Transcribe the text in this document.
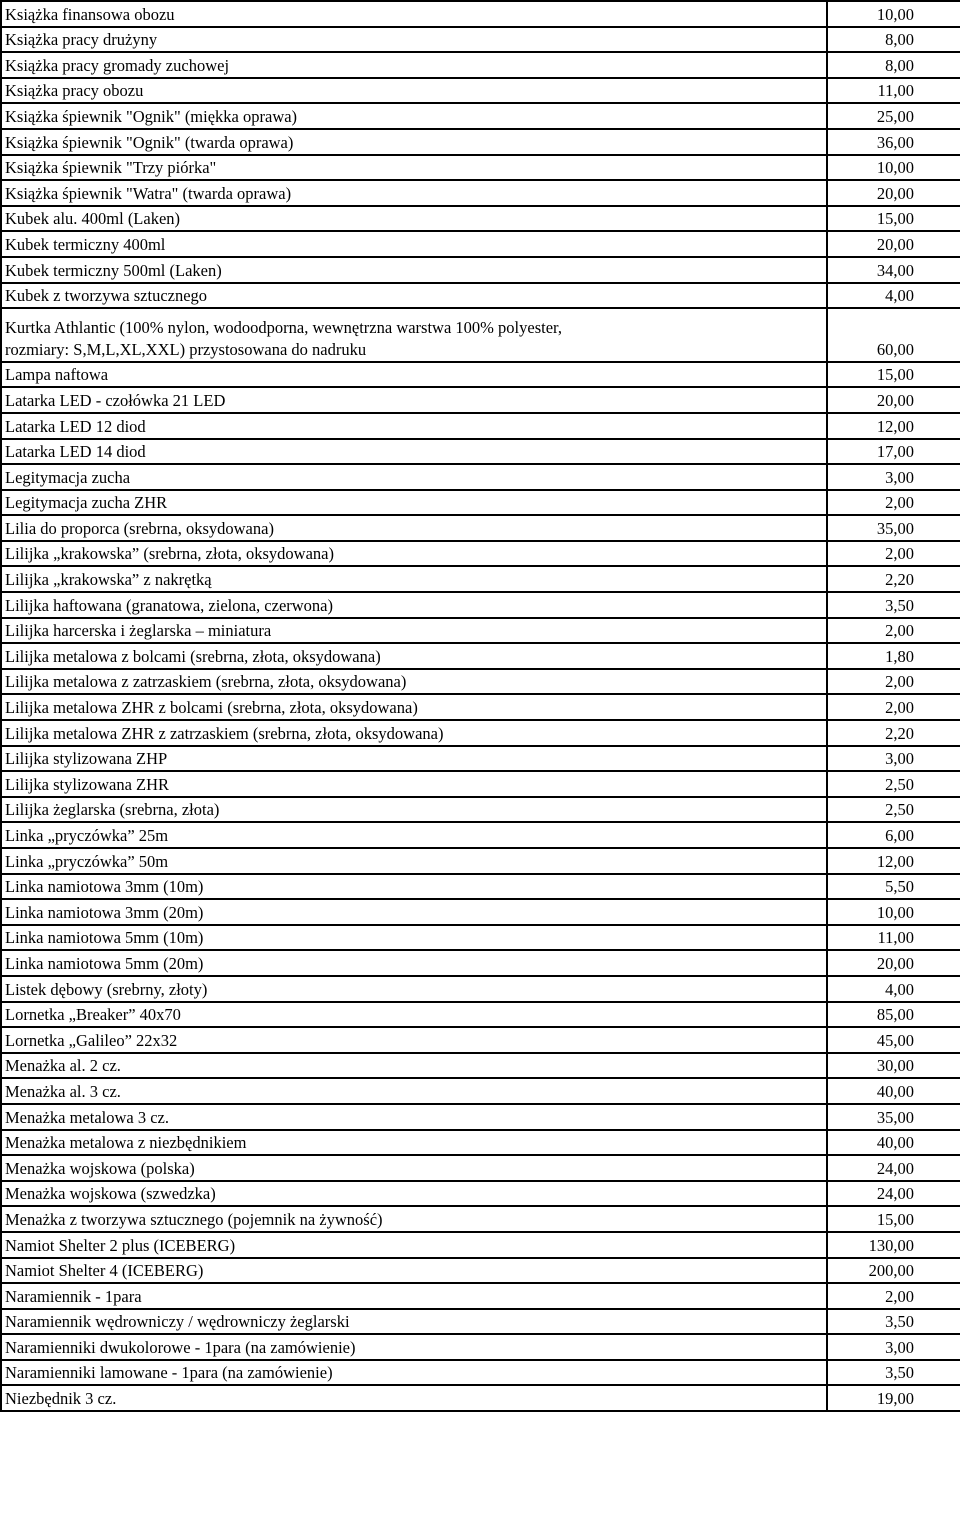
Książka finansowa obozu	10,00
Książka pracy drużyny	8,00
Książka pracy gromady zuchowej	8,00
Książka pracy obozu	11,00
Książka śpiewnik "Ognik" (miękka oprawa)	25,00
Książka śpiewnik "Ognik" (twarda oprawa)	36,00
Książka śpiewnik "Trzy piórka"	10,00
Książka śpiewnik "Watra" (twarda oprawa)	20,00
Kubek alu. 400ml (Laken)	15,00
Kubek termiczny 400ml	20,00
Kubek termiczny 500ml (Laken)	34,00
Kubek z tworzywa sztucznego	4,00
Kurtka Athlantic (100% nylon, wodoodporna, wewnętrzna warstwa 100% polyester,
rozmiary: S,M,L,XL,XXL) przystosowana do nadruku	60,00
Lampa naftowa	15,00
Latarka LED - czołówka 21 LED	20,00
Latarka LED 12 diod	12,00
Latarka LED 14 diod	17,00
Legitymacja zucha	3,00
Legitymacja zucha ZHR	2,00
Lilia do proporca (srebrna, oksydowana)	35,00
Lilijka „krakowska” (srebrna, złota, oksydowana)	2,00
Lilijka „krakowska” z nakrętką	2,20
Lilijka haftowana (granatowa, zielona, czerwona)	3,50
Lilijka harcerska i żeglarska – miniatura	2,00
Lilijka metalowa z bolcami (srebrna, złota, oksydowana)	1,80
Lilijka metalowa z zatrzaskiem (srebrna, złota, oksydowana)	2,00
Lilijka metalowa ZHR z bolcami (srebrna, złota, oksydowana)	2,00
Lilijka metalowa ZHR z zatrzaskiem (srebrna, złota, oksydowana)	2,20
Lilijka stylizowana ZHP	3,00
Lilijka stylizowana ZHR	2,50
Lilijka żeglarska (srebrna, złota)	2,50
Linka „pryczówka” 25m	6,00
Linka „pryczówka” 50m	12,00
Linka namiotowa 3mm (10m)	5,50
Linka namiotowa 3mm (20m)	10,00
Linka namiotowa 5mm (10m)	11,00
Linka namiotowa 5mm (20m)	20,00
Listek dębowy (srebrny, złoty)	4,00
Lornetka „Breaker” 40x70	85,00
Lornetka „Galileo” 22x32	45,00
Menażka al. 2 cz.	30,00
Menażka al. 3 cz.	40,00
Menażka metalowa 3 cz.	35,00
Menażka metalowa z niezbędnikiem	40,00
Menażka wojskowa (polska)	24,00
Menażka wojskowa (szwedzka)	24,00
Menażka z tworzywa sztucznego (pojemnik na żywność)	15,00
Namiot Shelter 2 plus (ICEBERG)	130,00
Namiot Shelter 4 (ICEBERG)	200,00
Naramiennik - 1para	2,00
Naramiennik wędrowniczy / wędrowniczy żeglarski	3,50
Naramienniki dwukolorowe - 1para (na zamówienie)	3,00
Naramienniki lamowane - 1para (na zamówienie)	3,50
Niezbędnik 3 cz.	19,00
